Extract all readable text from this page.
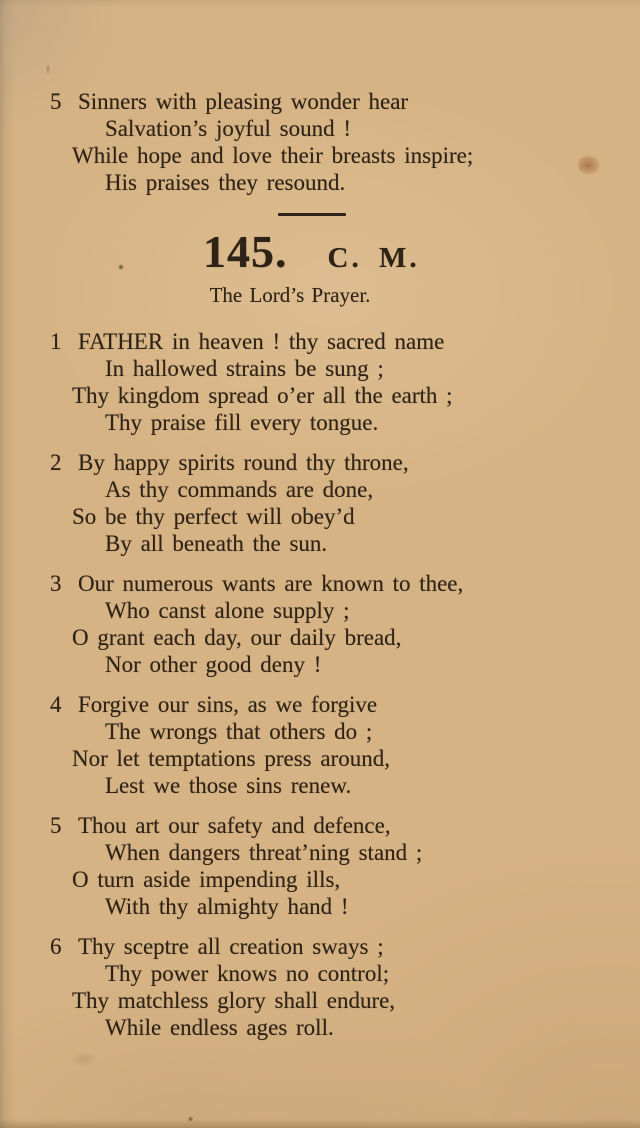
5 Sinners with pleasing wonder hear
Salvation’s joyful sound !
While hope and love their breasts inspire;
His praises they resound.
145. C. M.
The Lord’s Prayer.
1 FATHER in heaven ! thy sacred name
In hallowed strains be sung ;
Thy kingdom spread o’er all the earth ;
Thy praise fill every tongue.
2 By happy spirits round thy throne,
As thy commands are done,
So be thy perfect will obey’d
By all beneath the sun.
3 Our numerous wants are known to thee,
Who canst alone supply ;
O grant each day, our daily bread,
Nor other good deny !
4 Forgive our sins, as we forgive
The wrongs that others do ;
Nor let temptations press around,
Lest we those sins renew.
5 Thou art our safety and defence,
When dangers threat’ning stand ;
O turn aside impending ills,
With thy almighty hand !
6 Thy sceptre all creation sways ;
Thy power knows no control;
Thy matchless glory shall endure,
While endless ages roll.
